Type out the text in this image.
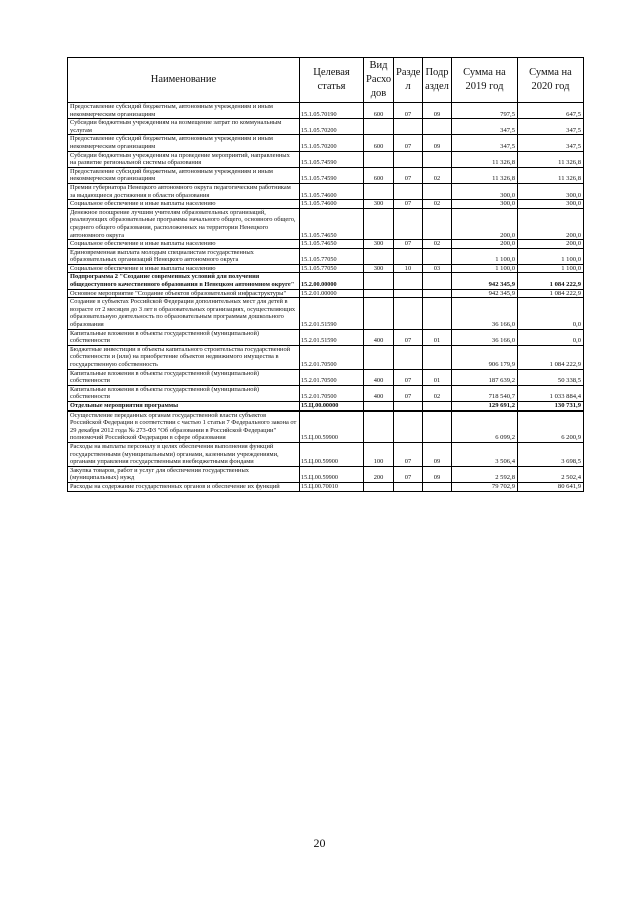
Наименование	Целевая статья	Вид Расхо дов	Разде л	Подр аздел	Сумма на 2019 год	Сумма на 2020 год
Предоставление субсидий бюджетным, автономным учреждениям и иным некоммерческим организациям	15.1.05.70190	600	07	09	797,5	647,5
Субсидии бюджетным учреждениям на возмещение затрат по коммунальным услугам	15.1.05.70200				347,5	347,5
Предоставление субсидий бюджетным, автономным учреждениям и иным некоммерческим организациям	15.1.05.70200	600	07	09	347,5	347,5
Субсидии бюджетным учреждениям на проведение мероприятий, направленных на развитие региональной системы образования	15.1.05.74590				11 326,8	11 326,8
Предоставление субсидий бюджетным, автономным учреждениям и иным некоммерческим организациям	15.1.05.74590	600	07	02	11 326,8	11 326,8
Премии губернатора Ненецкого автономного округа педагогическим работникам за выдающиеся достижения в области образования	15.1.05.74600				300,0	300,0
Социальное обеспечение и иные выплаты населению	15.1.05.74600	300	07	02	300,0	300,0
Денежное поощрение лучшим учителям образовательных организаций, реализующих образовательные программы начального общего, основного общего, среднего общего образования, расположенных на территории Ненецкого автономного округа	15.1.05.74650				200,0	200,0
Социальное обеспечение и иные выплаты населению	15.1.05.74650	300	07	02	200,0	200,0
Единовременная выплата молодым специалистам государственных образовательных организаций Ненецкого автономного округа	15.1.05.77050				1 100,0	1 100,0
Социальное обеспечение и иные выплаты населению	15.1.05.77050	300	10	03	1 100,0	1 100,0
Подпрограмма 2 "Создание современных условий для получения общедоступного качественного образования в Ненецком автономном округе"	15.2.00.00000				942 345,9	1 084 222,9
Основное мероприятие "Создание объектов образовательной инфраструктуры"	15.2.01.00000				942 345,9	1 084 222,9
Создание в субъектах Российской Федерации дополнительных мест для детей в возрасте от 2 месяцев до 3 лет в образовательных организациях, осуществляющих образовательную деятельность по образовательным программам дошкольного образования	15.2.01.51590				36 166,0	0,0
Капитальные вложения в объекты государственной (муниципальной) собственности	15.2.01.51590	400	07	01	36 166,0	0,0
Бюджетные инвестиции в объекты капитального строительства государственной собственности и (или) на приобретение объектов недвижимого имущества в государственную собственность	15.2.01.70500				906 179,9	1 084 222,9
Капитальные вложения в объекты государственной (муниципальной) собственности	15.2.01.70500	400	07	01	187 639,2	50 338,5
Капитальные вложения в объекты государственной (муниципальной) собственности	15.2.01.70500	400	07	02	718 540,7	1 033 884,4
Отдельные мероприятия программы	15.Ц.00.00000				129 691,2	130 731,9
Осуществление переданных органам государственной власти субъектов Российской Федерации в соответствии с частью 1 статьи 7 Федерального закона от 29 декабря 2012 года № 273-ФЗ "Об образовании в Российской Федерации" полномочий Российской Федерации в сфере образования	15.Ц.00.59900				6 099,2	6 200,9
Расходы на выплаты персоналу в целях обеспечения выполнения функций государственными (муниципальными) органами, казенными учреждениями, органами управления государственными внебюджетными фондами	15.Ц.00.59900	100	07	09	3 506,4	3 698,5
Закупка товаров, работ и услуг для обеспечения государственных (муниципальных) нужд	15.Ц.00.59900	200	07	09	2 592,8	2 502,4
Расходы на содержание государственных органов и обеспечение их функций	15.Ц.00.70010				79 702,9	80 641,9
20
